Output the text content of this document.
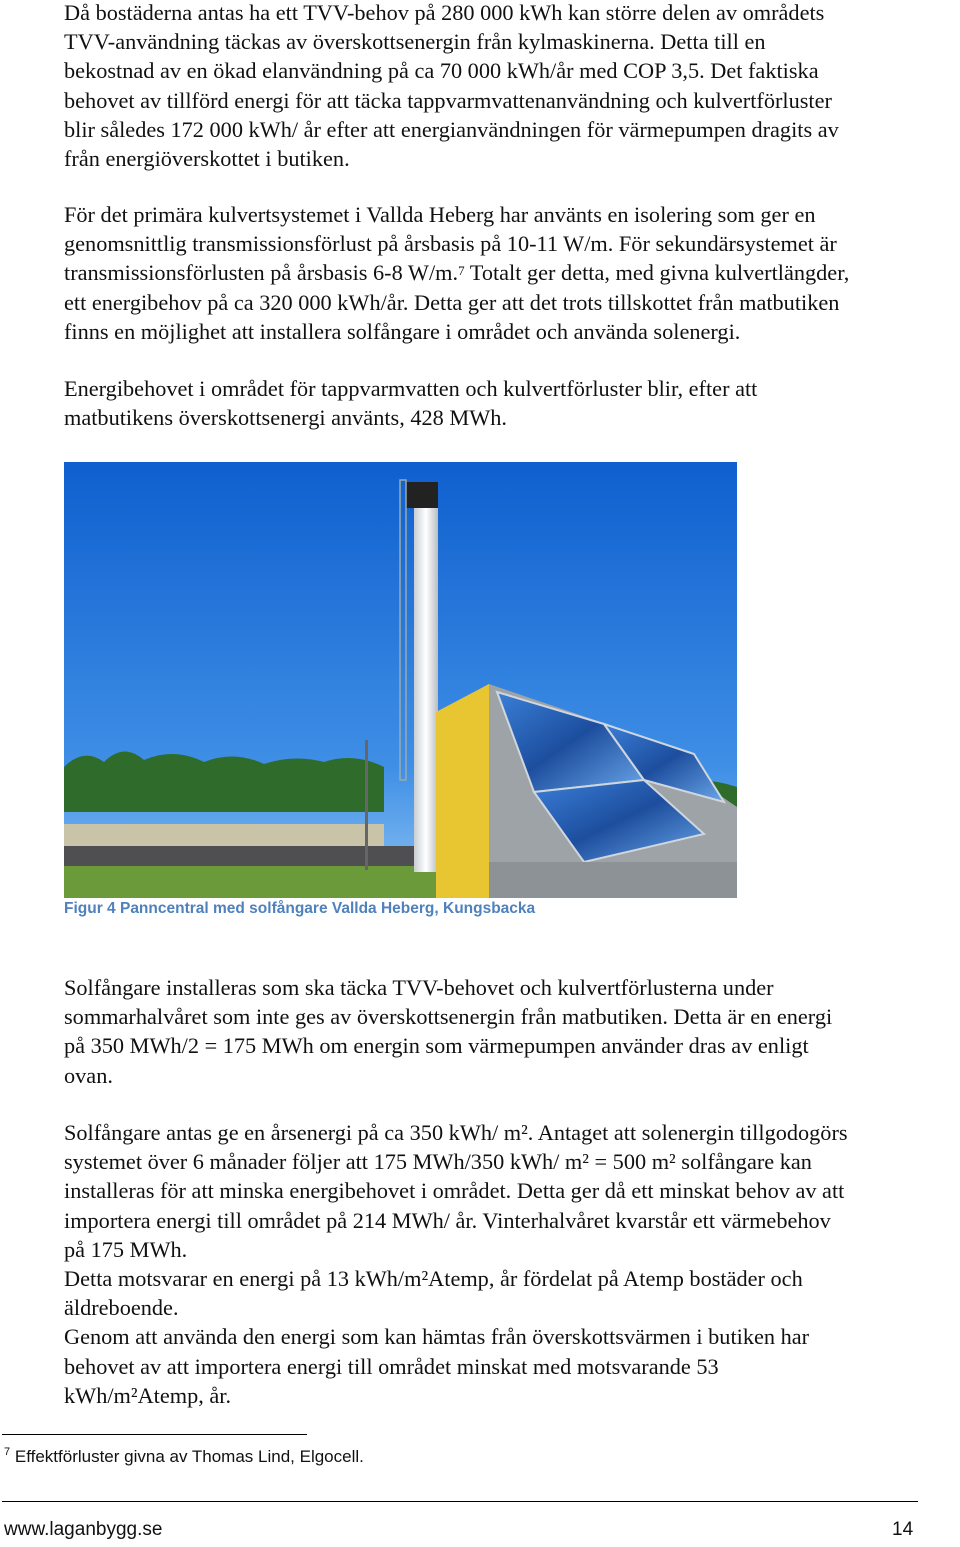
Då bostäderna antas ha ett TVV-behov på 280 000 kWh kan större delen av områdets
TVV-användning täckas av överskottsenergin från kylmaskinerna. Detta till en
bekostnad av en ökad elanvändning på ca 70 000 kWh/år med COP 3,5. Det faktiska
behovet av tillförd energi för att täcka tappvarmvattenanvändning och kulvertförluster
blir således 172 000 kWh/ år efter att energianvändningen för värmepumpen dragits av
från energiöverskottet i butiken.
För det primära kulvertsystemet i Vallda Heberg har använts en isolering som ger en
genomsnittlig transmissionsförlust på årsbasis på 10-11 W/m. För sekundärsystemet är
transmissionsförlusten på årsbasis 6-8 W/m.$^7$ Totalt ger detta, med givna kulvertlängder,
ett energibehov på ca 320 000 kWh/år. Detta ger att det trots tillskottet från matbutiken
finns en möjlighet att installera solfångare i området och använda solenergi.
Energibehovet i området för tappvarmvatten och kulvertförluster blir, efter att
matbutikens överskottsenergi använts, 428 MWh.
Figur 4 Panncentral med solfångare Vallda Heberg, Kungsbacka
Solfångare installeras som ska täcka TVV-behovet och kulvertförlusterna under
sommarhalvåret som inte ges av överskottsenergin från matbutiken. Detta är en energi
på 350 MWh/2 = 175 MWh om energin som värmepumpen använder dras av enligt
ovan.
Solfångare antas ge en årsenergi på ca 350 kWh/ m². Antaget att solenergin tillgodogörs
systemet över 6 månader följer att 175 MWh/350 kWh/ m² = 500 m² solfångare kan
installeras för att minska energibehovet i området. Detta ger då ett minskat behov av att
importera energi till området på 214 MWh/ år. Vinterhalvåret kvarstår ett värmebehov
på 175 MWh.
Detta motsvarar en energi på 13 kWh/m²Atemp, år fördelat på Atemp bostäder och
äldreboende.
Genom att använda den energi som kan hämtas från överskottsvärmen i butiken har
behovet av att importera energi till området minskat med motsvarande 53
kWh/m²Atemp, år.
$^7$ Effektförluster givna av Thomas Lind, Elgocell.
www.laganbygg.se	14
